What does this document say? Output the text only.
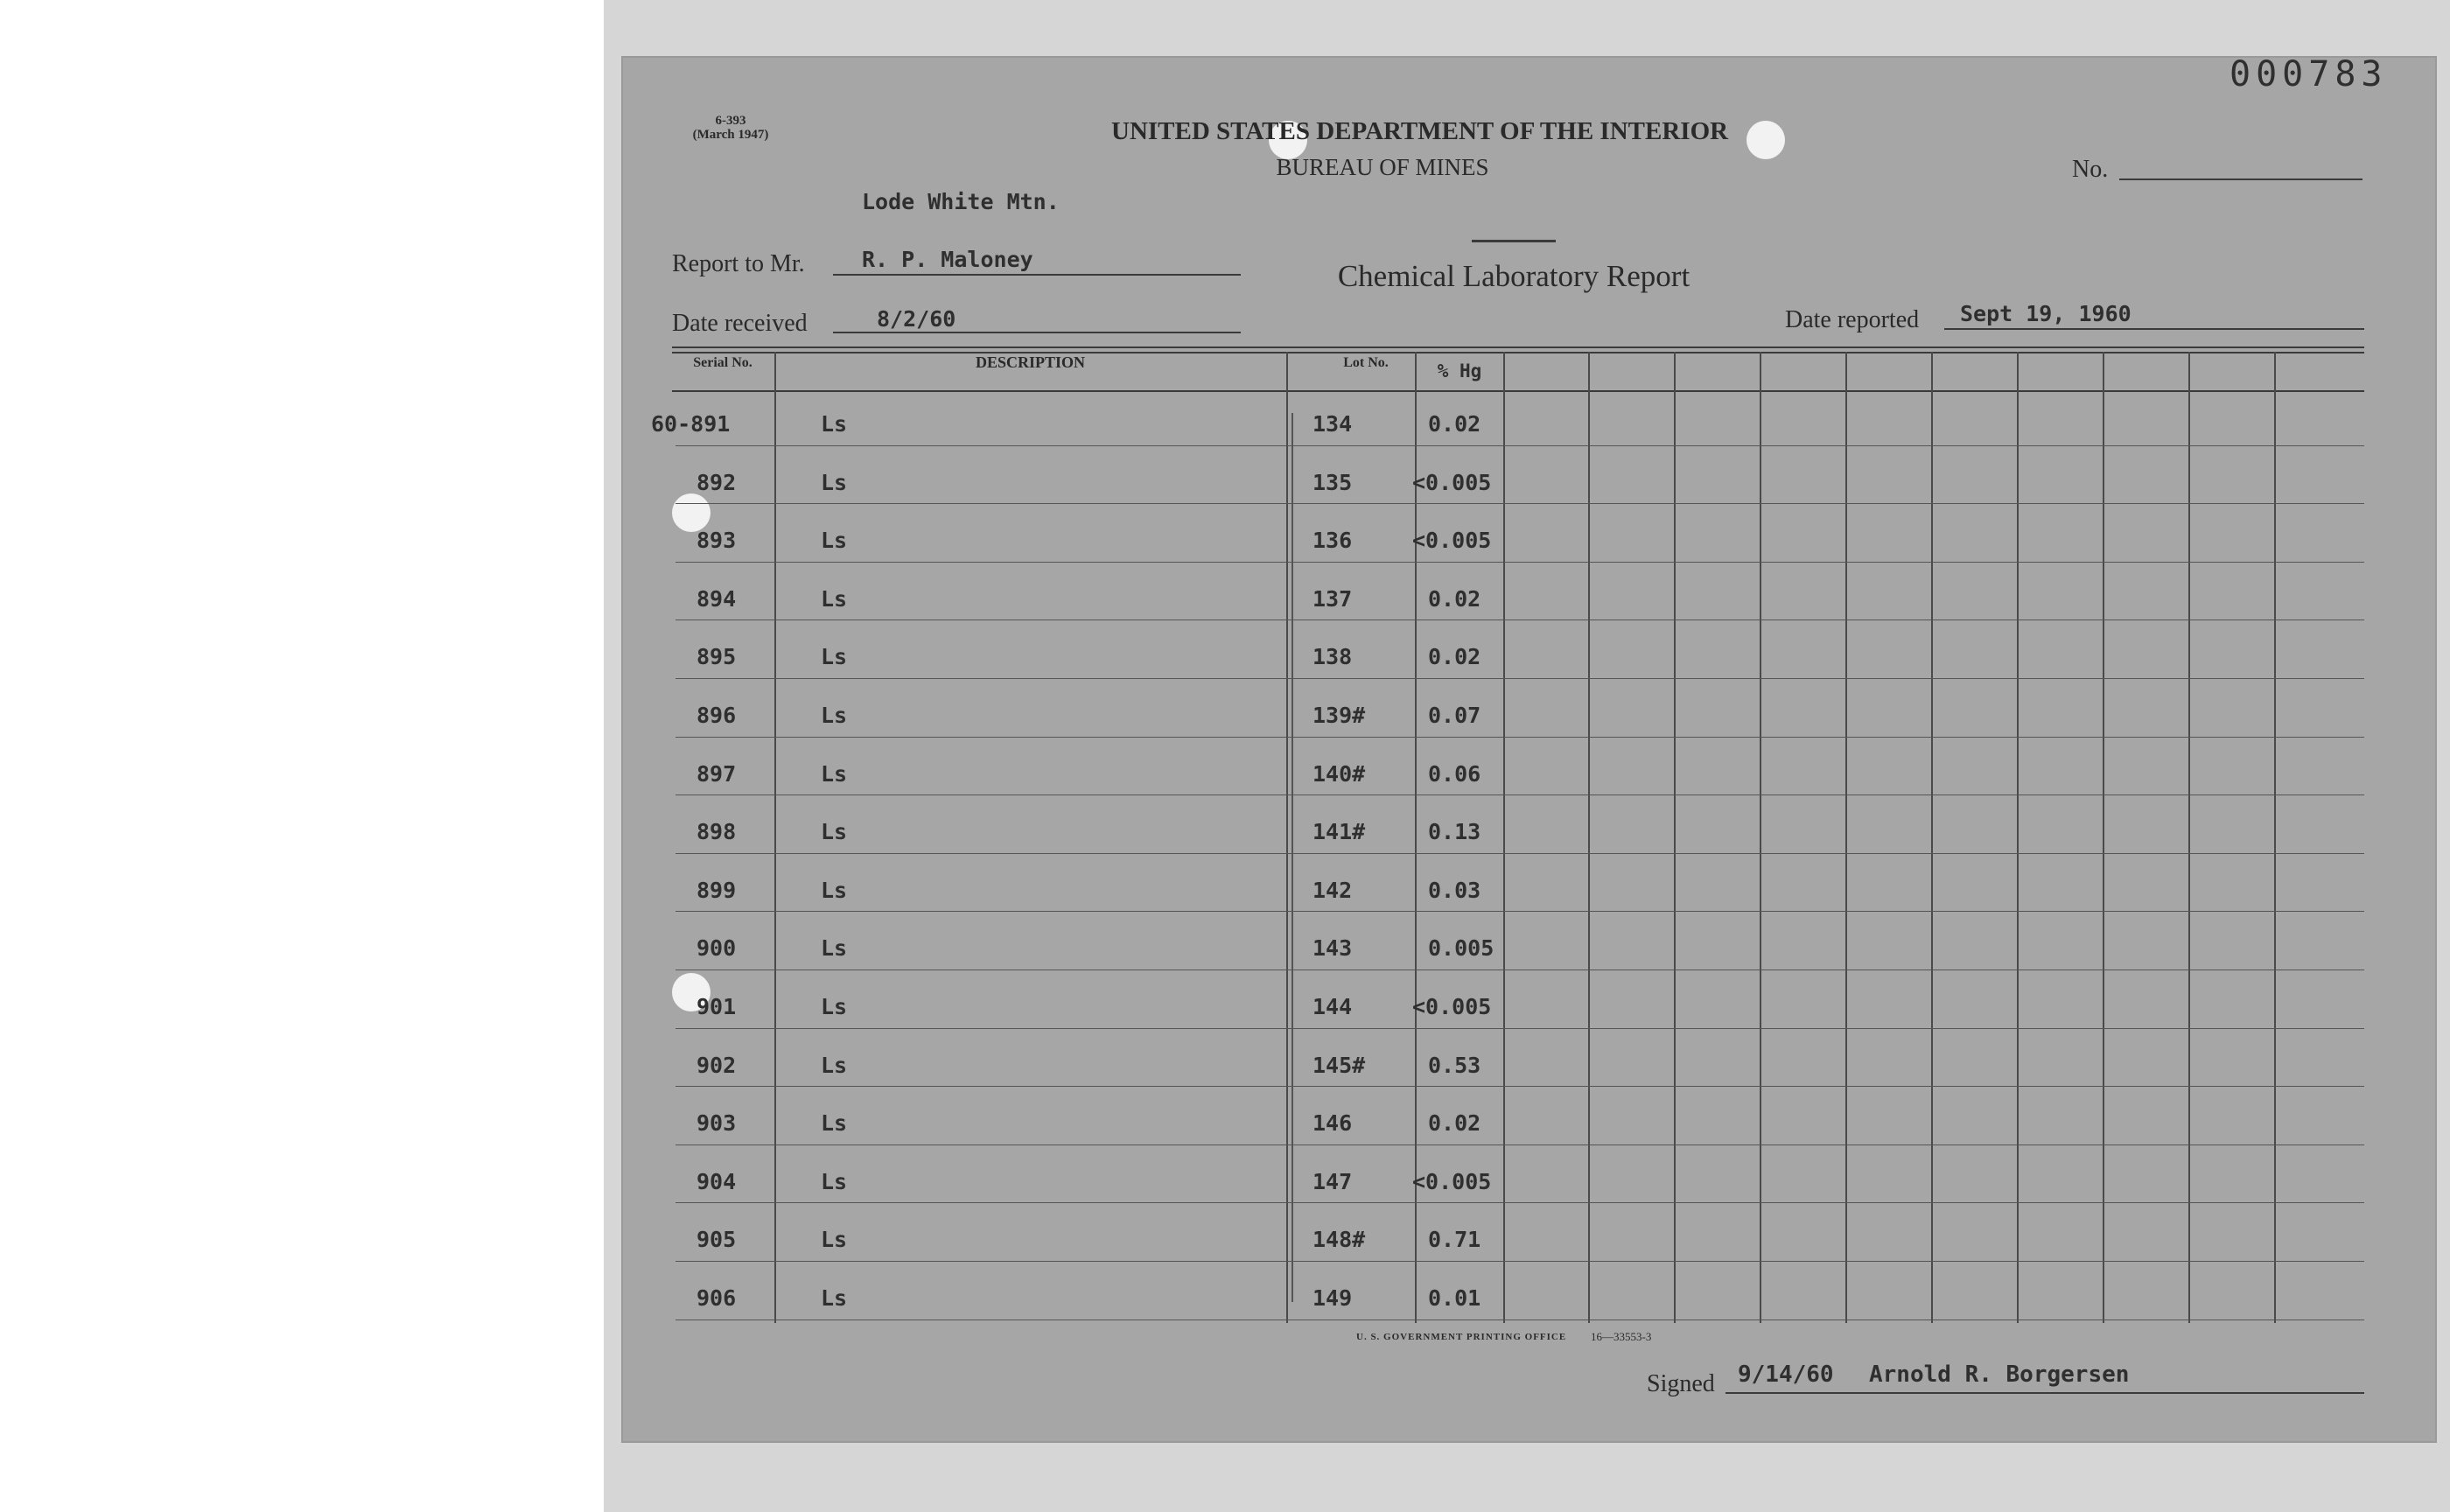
000783
6-393
(March 1947)	UNITED STATES DEPARTMENT OF THE INTERIOR
BUREAU OF MINES
Chemical Laboratory Report
No.
Lode White Mtn.
Report to Mr.	R. P. Maloney
Date received	8/2/60	Date reported Sept 19, 1960
Serial No.	DESCRIPTION	Lot No.	% Hg
60-891	Ls	134	0.02
892	Ls	135	<0.005
893	Ls	136	<0.005
894	Ls	137	0.02
895	Ls	138	0.02
896	Ls	139#	0.07
897	Ls	140#	0.06
898	Ls	141#	0.13
899	Ls	142	0.03
900	Ls	143	0.005
901	Ls	144	<0.005
902	Ls	145#	0.53
903	Ls	146	0.02
904	Ls	147	<0.005
905	Ls	148#	0.71
906	Ls	149	0.01
U. S. GOVERNMENT PRINTING OFFICE 16—33553-3
Signed 9/14/60 Arnold R. Borgersen
